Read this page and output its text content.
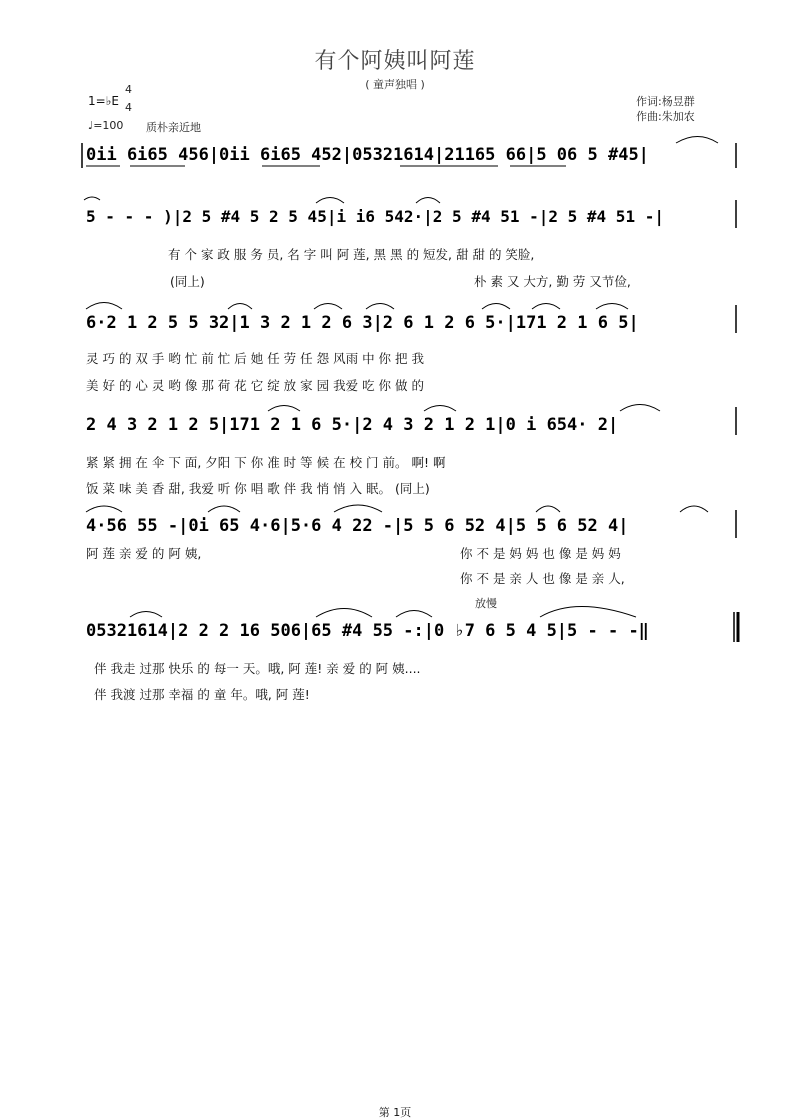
有个阿姨叫阿莲
( 童声独唱 )
1=♭E
4
4
♩=100 质朴亲近地
作词:杨昱群
作曲:朱加农
0ii 6i65 456|0ii 6i65 452|05321614|21165 66|5 06 5 #45|
5 - - - )|2 5 #4 5 2 5 45|i i6 542·|2 5 #4 51 -|2 5 #4 51 -|
有 个 家 政 服 务 员, 名 字 叫 阿 莲, 黑 黑 的 短发, 甜 甜 的 笑脸,
(同上)	朴 素 又 大方, 勤 劳 又节俭,
6·2 1 2 5 5 32|1 3 2 1 2 6 3|2 6 1 2 6 5·|171 2 1 6 5|
灵 巧 的 双 手 哟 忙 前 忙 后 她 任 劳 任 怨 风雨 中 你 把 我
美 好 的 心 灵 哟 像 那 荷 花 它 绽 放 家 园 我爱 吃 你 做 的
2 4 3 2 1 2 5|171 2 1 6 5·|2 4 3 2 1 2 1|0 i 654· 2|
紧 紧 拥 在 伞 下 面, 夕阳 下 你 准 时 等 候 在 校 门 前。 啊! 啊
饭 菜 味 美 香 甜, 我爱 听 你 唱 歌 伴 我 悄 悄 入 眠。 (同上)
4·56 55 -|0i 65 4·6|5·6 4 22 -|5 5 6 52 4|5 5 6 52 4|
阿 莲 亲 爱 的 阿 姨,	你 不 是 妈 妈 也 像 是 妈 妈
你 不 是 亲 人 也 像 是 亲 人,
放慢
05321614|2 2 2 16 506|65 #4 55 -:|0 ♭7 6 5 4 5|5 - - -‖
伴 我走 过那 快乐 的 每一 天。哦, 阿 莲! 亲 爱 的 阿 姨....
伴 我渡 过那 幸福 的 童 年。哦, 阿 莲!
第 1页
